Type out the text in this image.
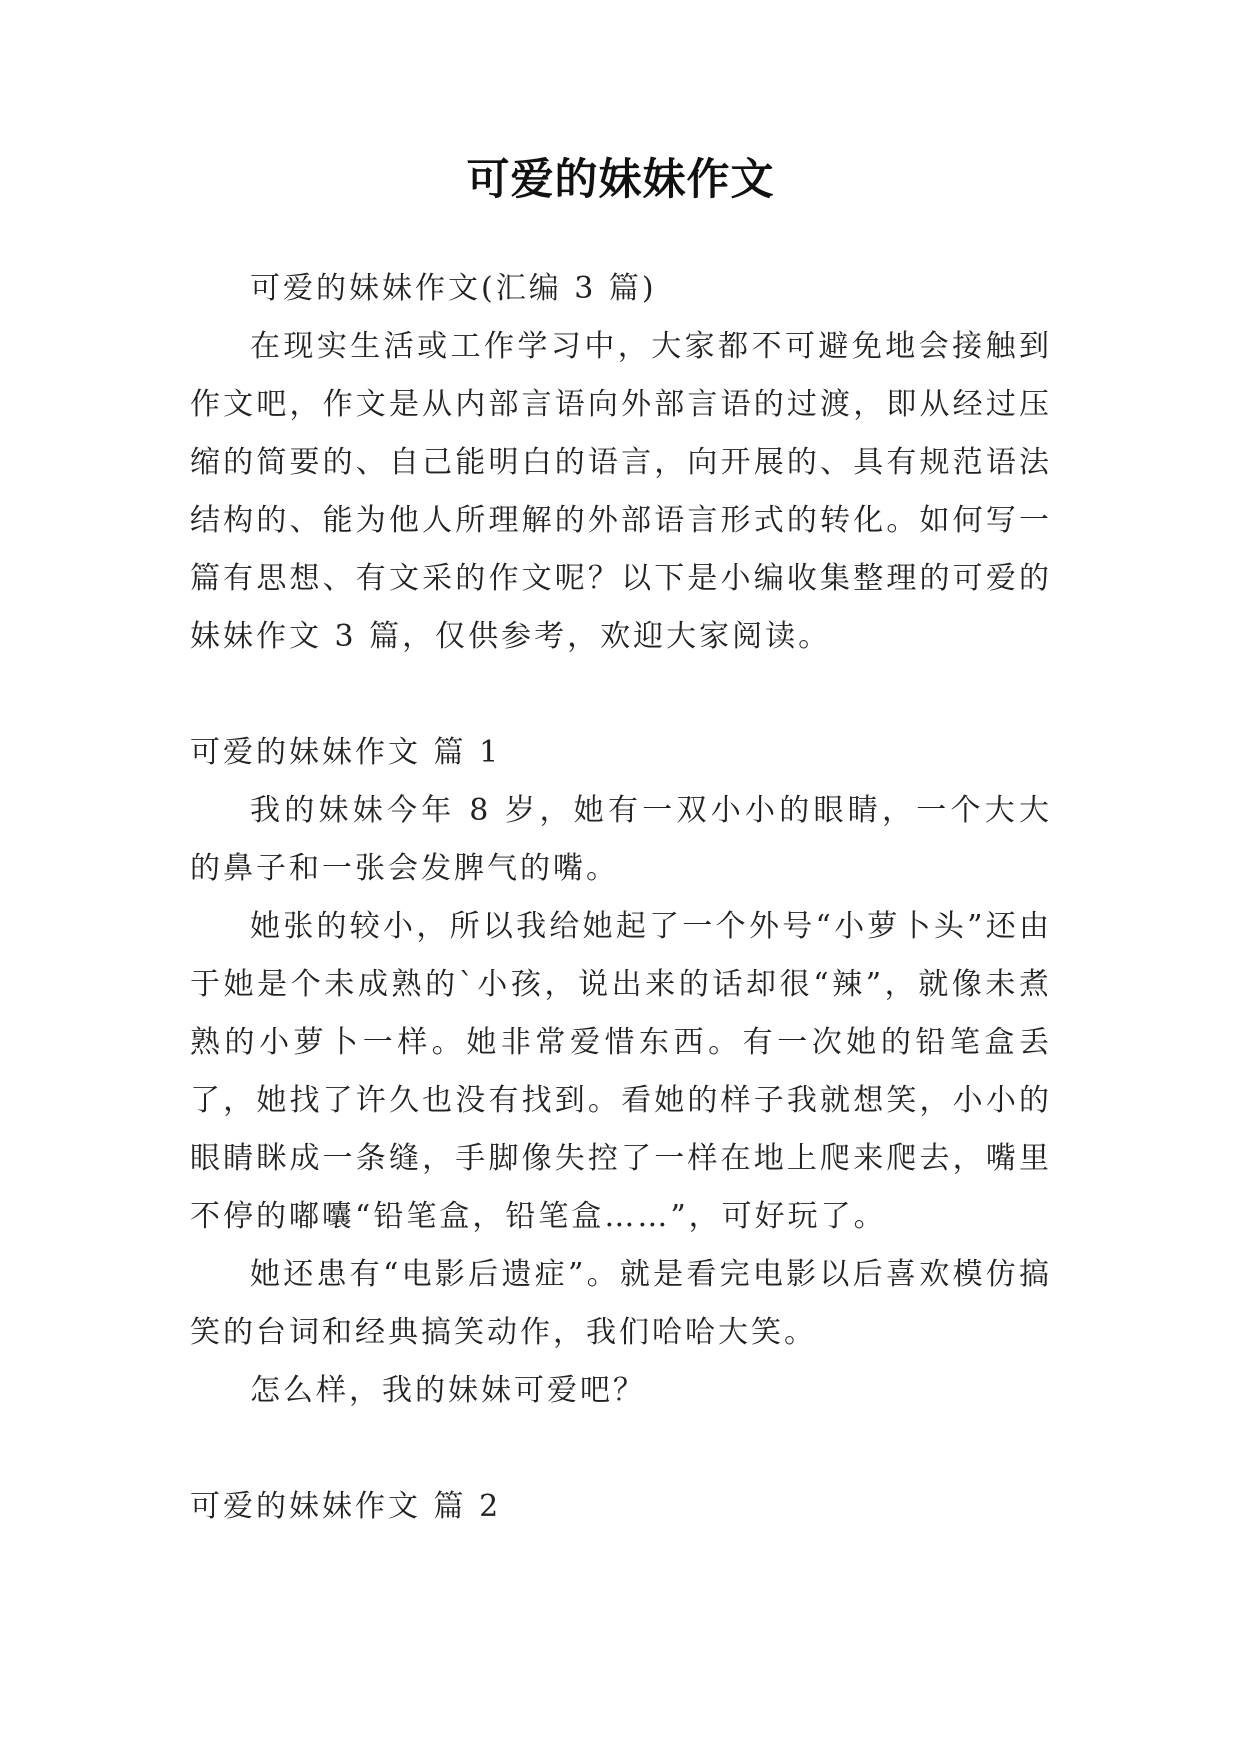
可爱的妹妹作文

可爱的妹妹作文(汇编 3 篇)

在现实生活或工作学习中，大家都不可避免地会接触到作文吧，作文是从内部言语向外部言语的过渡，即从经过压缩的简要的、自己能明白的语言，向开展的、具有规范语法结构的、能为他人所理解的外部语言形式的转化。如何写一篇有思想、有文采的作文呢？以下是小编收集整理的可爱的妹妹作文 3 篇，仅供参考，欢迎大家阅读。

可爱的妹妹作文 篇 1

我的妹妹今年 8 岁，她有一双小小的眼睛，一个大大的鼻子和一张会发脾气的嘴。

她张的较小，所以我给她起了一个外号“小萝卜头”还由于她是个未成熟的`小孩，说出来的话却很“辣”，就像未煮熟的小萝卜一样。她非常爱惜东西。有一次她的铅笔盒丢了，她找了许久也没有找到。看她的样子我就想笑，小小的眼睛眯成一条缝，手脚像失控了一样在地上爬来爬去，嘴里不停的嘟囔“铅笔盒，铅笔盒……”，可好玩了。

她还患有“电影后遗症”。就是看完电影以后喜欢模仿搞笑的台词和经典搞笑动作，我们哈哈大笑。

怎么样，我的妹妹可爱吧？

可爱的妹妹作文 篇 2
